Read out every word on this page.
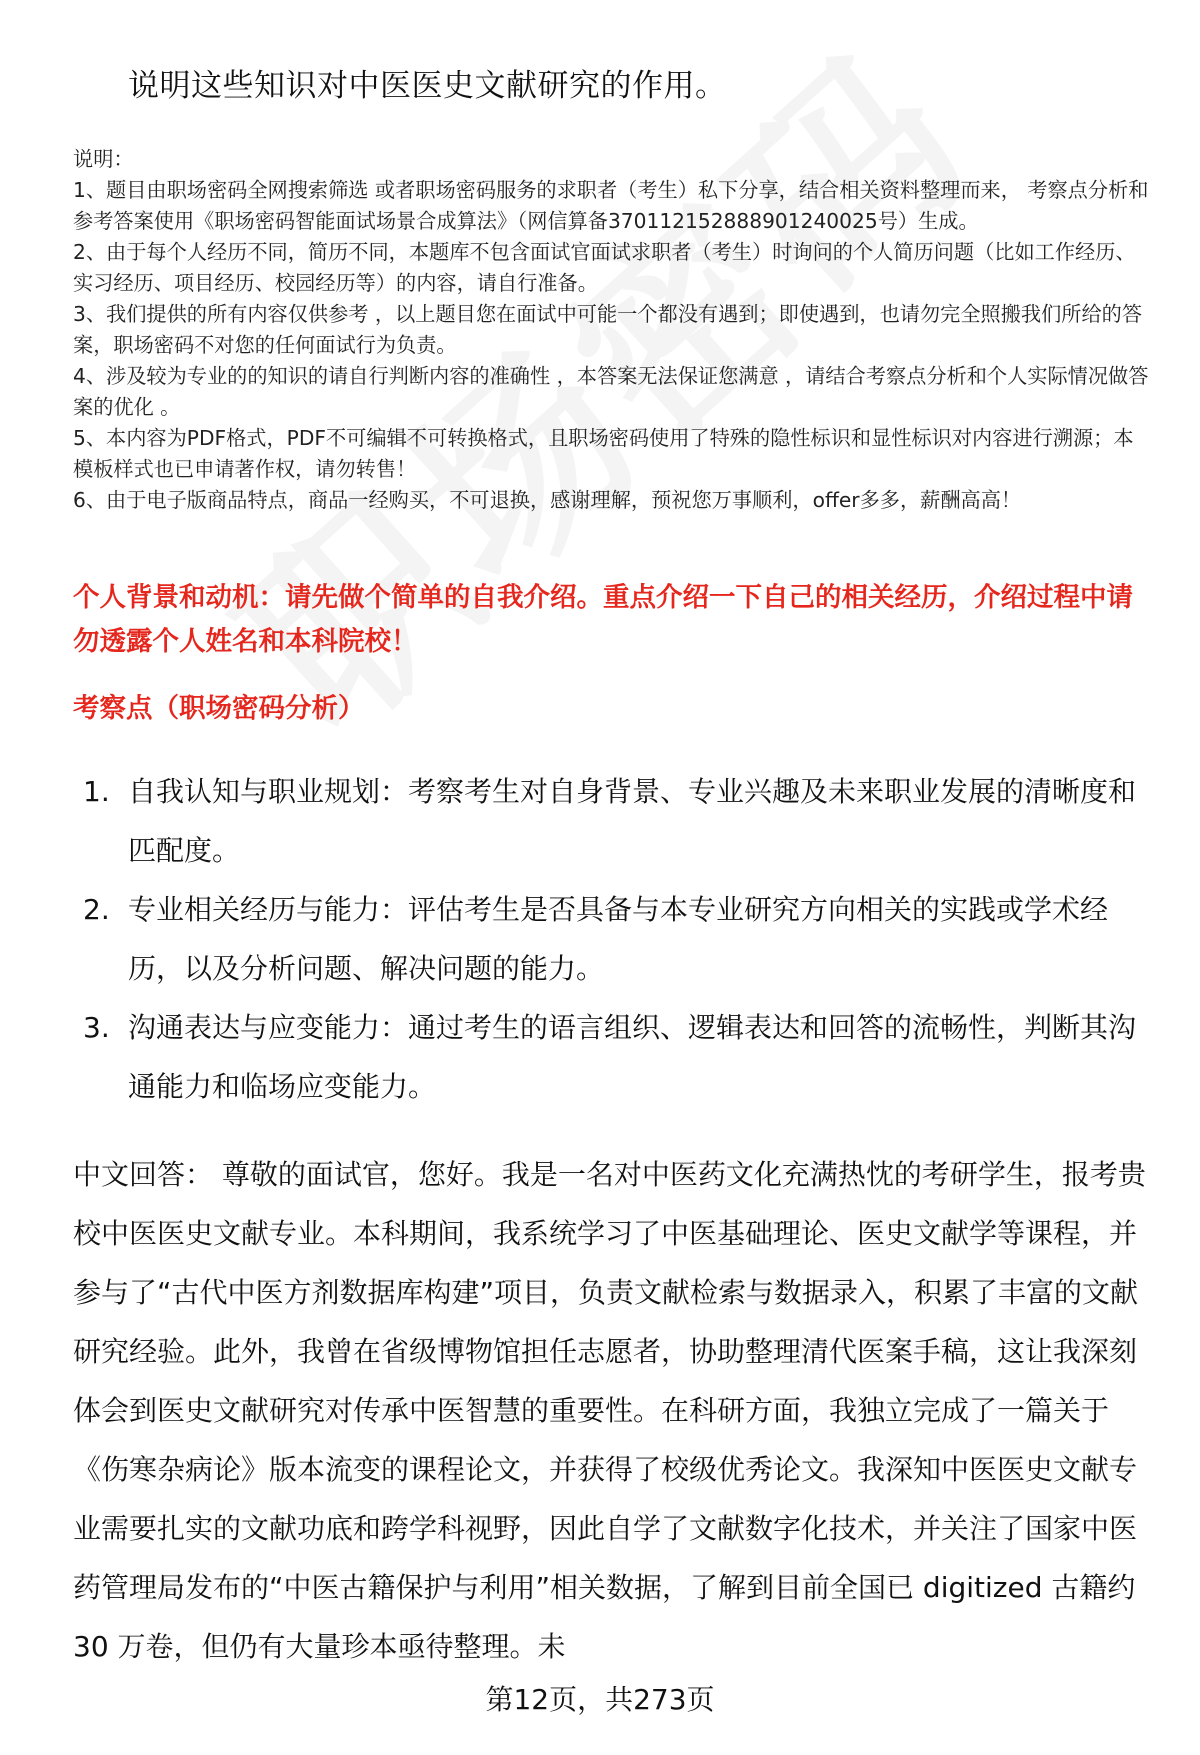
说明这些知识对中医医史文献研究的作用。

说明：

1、题目由职场密码全网搜索筛选 或者职场密码服务的求职者（考生）私下分享，结合相关资料整理而来， 考察点分析和参考答案使用《职场密码智能面试场景合成算法》（网信算备370112152888901240025号）生成。

2、由于每个人经历不同，简历不同，本题库不包含面试官面试求职者（考生）时询问的个人简历问题（比如工作经历、实习经历、项目经历、校园经历等）的内容，请自行准备。

3、我们提供的所有内容仅供参考 ，以上题目您在面试中可能一个都没有遇到；即使遇到，也请勿完全照搬我们所给的答案，职场密码不对您的任何面试行为负责。

4、涉及较为专业的的知识的请自行判断内容的准确性 ，本答案无法保证您满意 ，请结合考察点分析和个人实际情况做答案的优化 。

5、本内容为PDF格式，PDF不可编辑不可转换格式，且职场密码使用了特殊的隐性标识和显性标识对内容进行溯源；本模板样式也已申请著作权，请勿转售！

6、由于电子版商品特点，商品一经购买，不可退换，感谢理解，预祝您万事顺利，offer多多，薪酬高高！

个人背景和动机：请先做个简单的自我介绍。重点介绍一下自己的相关经历，介绍过程中请勿透露个人姓名和本科院校！
考察点（职场密码分析）
1. 自我认知与职业规划：考察考生对自身背景、专业兴趣及未来职业发展的清晰度和匹配度。
2. 专业相关经历与能力：评估考生是否具备与本专业研究方向相关的实践或学术经历，以及分析问题、解决问题的能力。
3. 沟通表达与应变能力：通过考生的语言组织、逻辑表达和回答的流畅性，判断其沟通能力和临场应变能力。

中文回答： 尊敬的面试官，您好。我是一名对中医药文化充满热忱的考研学生，报考贵校中医医史文献专业。本科期间，我系统学习了中医基础理论、医史文献学等课程，并参与了“古代中医方剂数据库构建”项目，负责文献检索与数据录入，积累了丰富的文献研究经验。此外，我曾在省级博物馆担任志愿者，协助整理清代医案手稿，这让我深刻体会到医史文献研究对传承中医智慧的重要性。在科研方面，我独立完成了一篇关于《伤寒杂病论》版本流变的课程论文，并获得了校级优秀论文。我深知中医医史文献专业需要扎实的文献功底和跨学科视野，因此自学了文献数字化技术，并关注了国家中医药管理局发布的“中医古籍保护与利用”相关数据，了解到目前全国已 digitized 古籍约 30 万卷，但仍有大量珍本亟待整理。未

第12页，共273页
